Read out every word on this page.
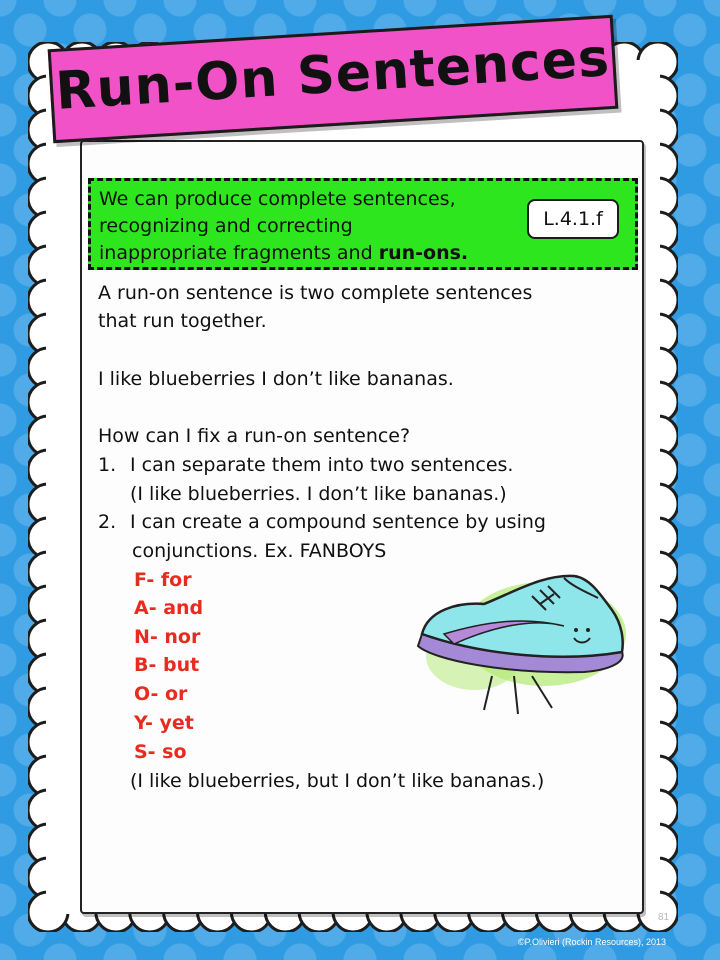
Run-On Sentences
We can produce complete sentences,
recognizing and correcting
inappropriate fragments and run-ons.
L.4.1.f
A run-on sentence is two complete sentences
that run together.
I like blueberries I don’t like bananas.
How can I fix a run-on sentence?
1. I can separate them into two sentences.
(I like blueberries. I don’t like bananas.)
2. I can create a compound sentence by using
conjunctions. Ex. FANBOYS
F- for
A- and
N- nor
B- but
O- or
Y- yet
S- so
(I like blueberries, but I don’t like bananas.)
81
©P.Olivieri (Rockin Resources), 2013
